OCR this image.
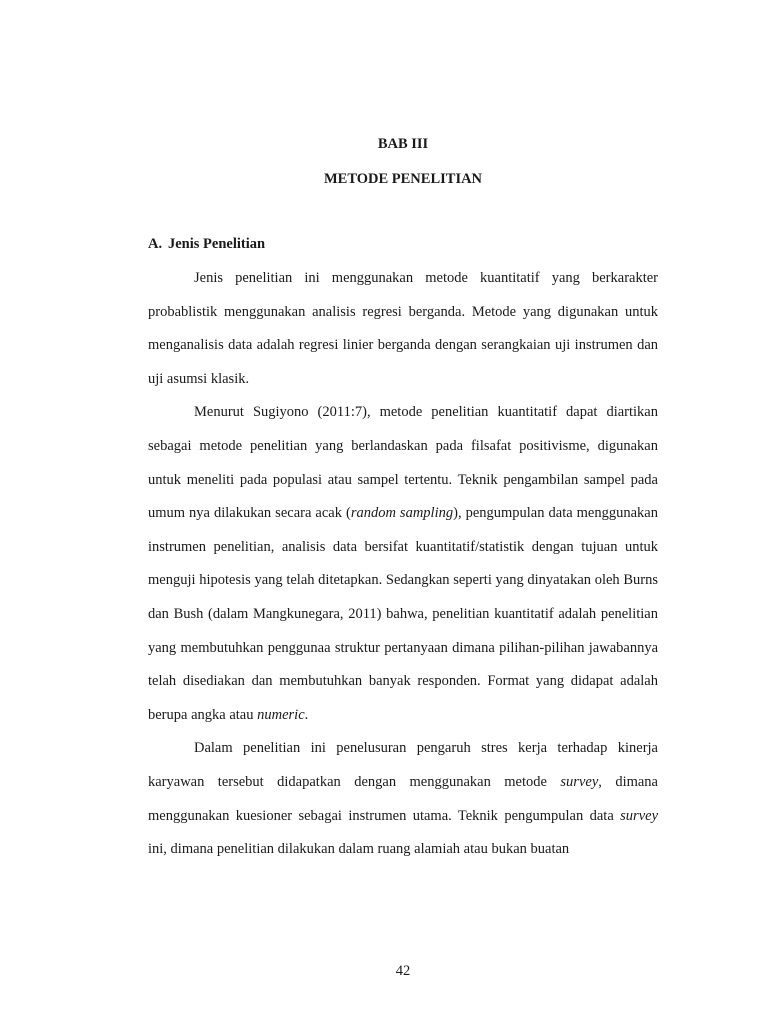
BAB III
METODE PENELITIAN
A. Jenis Penelitian

Jenis penelitian ini menggunakan metode kuantitatif yang berkarakter probablistik menggunakan analisis regresi berganda. Metode yang digunakan untuk menganalisis data adalah regresi linier berganda dengan serangkaian uji instrumen dan uji asumsi klasik.

Menurut Sugiyono (2011:7), metode penelitian kuantitatif dapat diartikan sebagai metode penelitian yang berlandaskan pada filsafat positivisme, digunakan untuk meneliti pada populasi atau sampel tertentu. Teknik pengambilan sampel pada umum nya dilakukan secara acak (random sampling), pengumpulan data menggunakan instrumen penelitian, analisis data bersifat kuantitatif/statistik dengan tujuan untuk menguji hipotesis yang telah ditetapkan. Sedangkan seperti yang dinyatakan oleh Burns dan Bush (dalam Mangkunegara, 2011) bahwa, penelitian kuantitatif adalah penelitian yang membutuhkan penggunaa struktur pertanyaan dimana pilihan-pilihan jawabannya telah disediakan dan membutuhkan banyak responden. Format yang didapat adalah berupa angka atau numeric.

Dalam penelitian ini penelusuran pengaruh stres kerja terhadap kinerja karyawan tersebut didapatkan dengan menggunakan metode survey, dimana menggunakan kuesioner sebagai instrumen utama. Teknik pengumpulan data survey ini, dimana penelitian dilakukan dalam ruang alamiah atau bukan buatan

42
